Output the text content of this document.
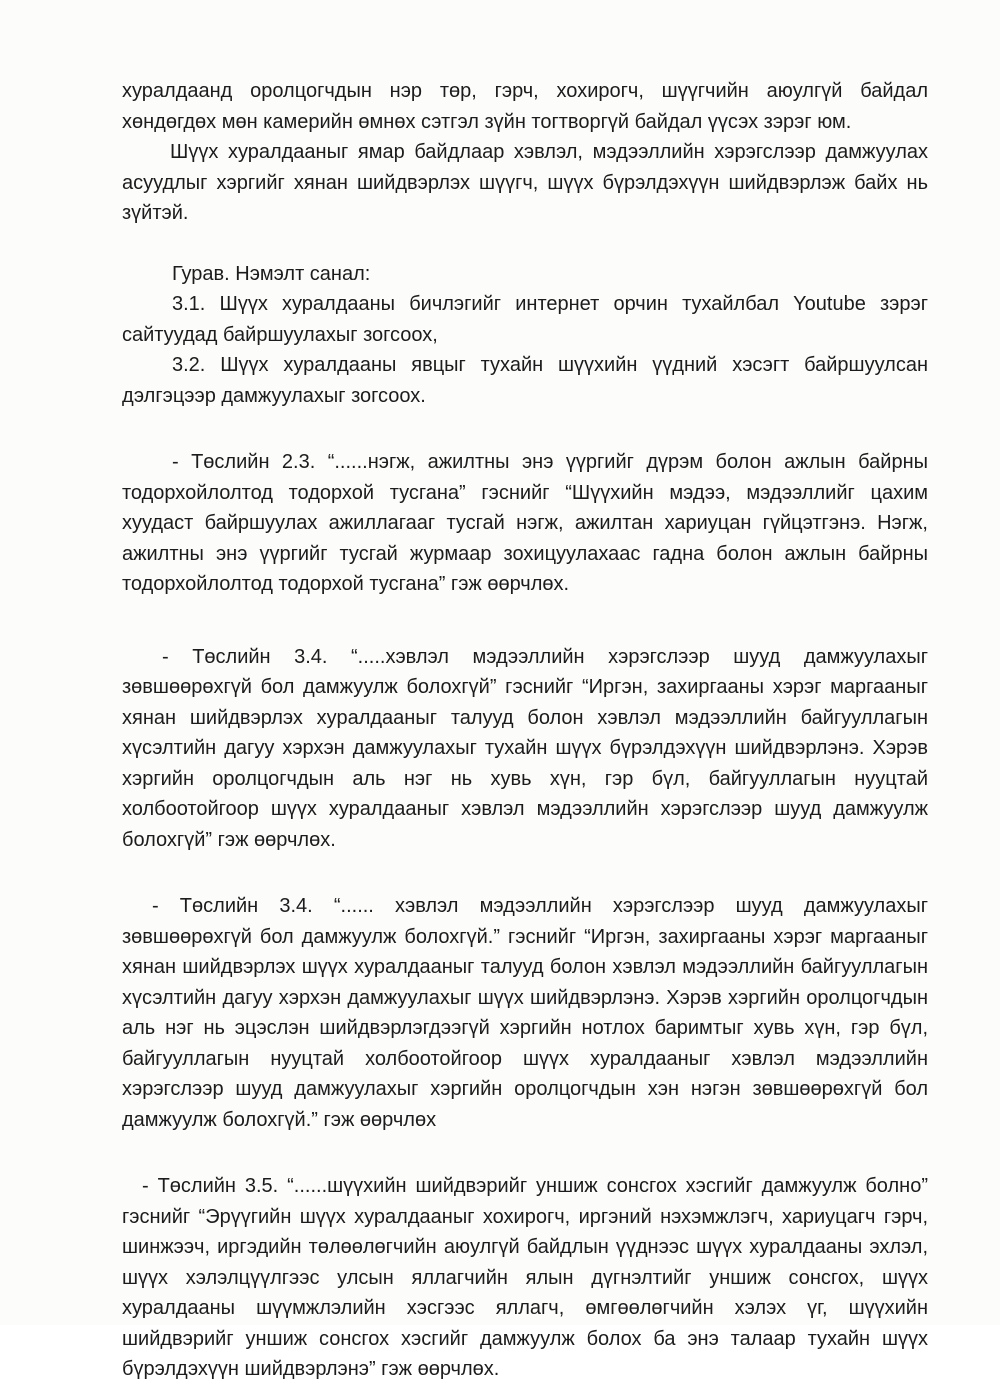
хуралдаанд оролцогчдын нэр төр, гэрч, хохирогч, шүүгчийн аюулгүй байдал хөндөгдөх мөн камерийн өмнөх сэтгэл зүйн тогтворгүй байдал үүсэх зэрэг юм.

Шүүх хуралдааныг ямар байдлаар хэвлэл, мэдээллийн хэрэгслээр дамжуулах асуудлыг хэргийг хянан шийдвэрлэх шүүгч, шүүх бүрэлдэхүүн шийдвэрлэж байх нь зүйтэй.

Гурав. Нэмэлт санал:

3.1. Шүүх хуралдааны бичлэгийг интернет орчин тухайлбал Youtube зэрэг сайтуудад байршуулахыг зогсоох,

3.2. Шүүх хуралдааны явцыг тухайн шүүхийн үүдний хэсэгт байршуулсан дэлгэцээр дамжуулахыг зогсоох.

- Төслийн 2.3. “......нэгж, ажилтны энэ үүргийг дүрэм болон ажлын байрны тодорхойлолтод тодорхой тусгана” гэснийг “Шүүхийн мэдээ, мэдээллийг цахим хуудаст байршуулах ажиллагааг тусгай нэгж, ажилтан хариуцан гүйцэтгэнэ. Нэгж, ажилтны энэ үүргийг тусгай журмаар зохицуулахаас гадна болон ажлын байрны тодорхойлолтод тодорхой тусгана” гэж өөрчлөх.

- Төслийн 3.4. “.....хэвлэл мэдээллийн хэрэгслээр шууд дамжуулахыг зөвшөөрөхгүй бол дамжуулж болохгүй” гэснийг “Иргэн, захиргааны хэрэг маргааныг хянан шийдвэрлэх хуралдааныг талууд болон хэвлэл мэдээллийн байгууллагын хүсэлтийн дагуу хэрхэн дамжуулахыг тухайн шүүх бүрэлдэхүүн шийдвэрлэнэ. Хэрэв хэргийн оролцогчдын аль нэг нь хувь хүн, гэр бүл, байгууллагын нууцтай холбоотойгоор шүүх хуралдааныг хэвлэл мэдээллийн хэрэгслээр шууд дамжуулж болохгүй” гэж өөрчлөх.

- Төслийн 3.4. “...... хэвлэл мэдээллийн хэрэгслээр шууд дамжуулахыг зөвшөөрөхгүй бол дамжуулж болохгүй.” гэснийг “Иргэн, захиргааны хэрэг маргааныг хянан шийдвэрлэх шүүх хуралдааныг талууд болон хэвлэл мэдээллийн байгууллагын хүсэлтийн дагуу хэрхэн дамжуулахыг шүүх шийдвэрлэнэ. Хэрэв хэргийн оролцогчдын аль нэг нь эцэслэн шийдвэрлэгдээгүй хэргийн нотлох баримтыг хувь хүн, гэр бүл, байгууллагын нууцтай холбоотойгоор шүүх хуралдааныг хэвлэл мэдээллийн хэрэгслээр шууд дамжуулахыг хэргийн оролцогчдын хэн нэгэн зөвшөөрөхгүй бол дамжуулж болохгүй.” гэж өөрчлөх

- Төслийн 3.5. “......шүүхийн шийдвэрийг уншиж сонсгох хэсгийг дамжуулж болно” гэснийг “Эрүүгийн шүүх хуралдааныг хохирогч, иргэний нэхэмжлэгч, хариуцагч гэрч, шинжээч, иргэдийн төлөөлөгчийн аюулгүй байдлын үүднээс шүүх хуралдааны эхлэл, шүүх хэлэлцүүлгээс улсын яллагчийн ялын дүгнэлтийг уншиж сонсгох, шүүх хуралдааны шүүмжлэлийн хэсгээс яллагч, өмгөөлөгчийн хэлэх үг, шүүхийн шийдвэрийг уншиж сонсгох хэсгийг дамжуулж болох ба энэ талаар тухайн шүүх бүрэлдэхүүн шийдвэрлэнэ” гэж өөрчлөх.
